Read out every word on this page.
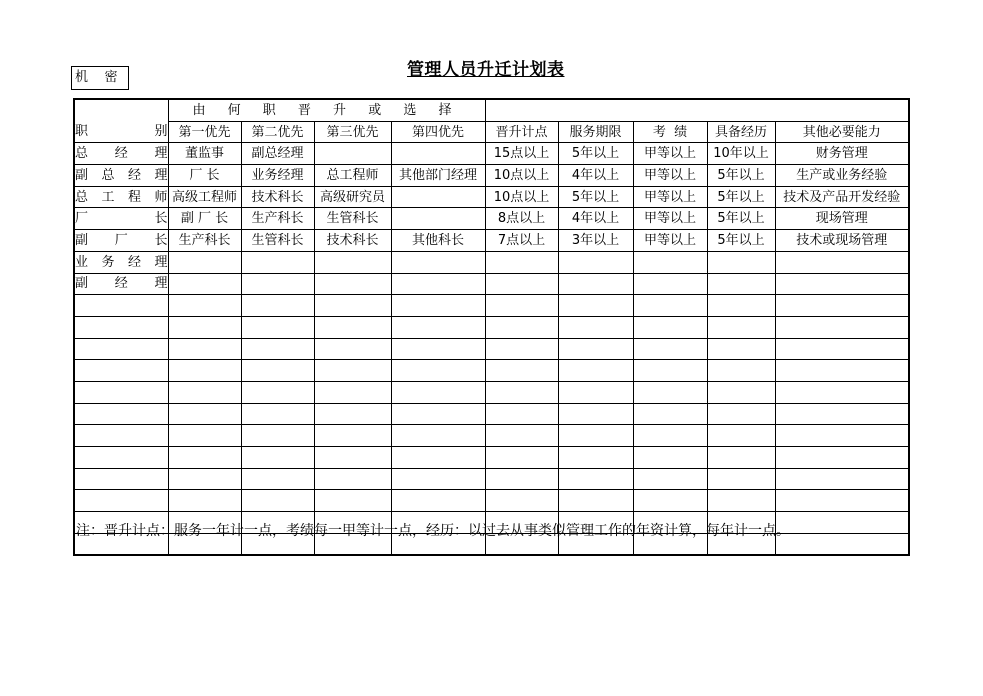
管理人员升迁计划表
机    密
	由 何 职 晋 升 或 选 择								
职 别	第一优先	第二优先	第三优先	第四优先	晋升计点	服务期限	考  绩	具备经历	其他必要能力
总 经 理	董监事	副总经理			15点以上	5年以上	甲等以上	10年以上	财务管理
副 总 经 理	厂 长	业务经理	总工程师	其他部门经理	10点以上	4年以上	甲等以上	5年以上	生产或业务经验
总 工 程 师	高级工程师	技术科长	高级研究员		10点以上	5年以上	甲等以上	5年以上	技术及产品开发经验
厂 长	副 厂 长	生产科长	生管科长		8点以上	4年以上	甲等以上	5年以上	现场管理
副 厂 长	生产科长	生管科长	技术科长	其他科长	7点以上	3年以上	甲等以上	5年以上	技术或现场管理
业 务 经 理									
副 经 理									

注：晋升计点：服务一年计一点，考绩每一甲等计一点，经历：以过去从事类似管理工作的年资计算，每年计一点。
